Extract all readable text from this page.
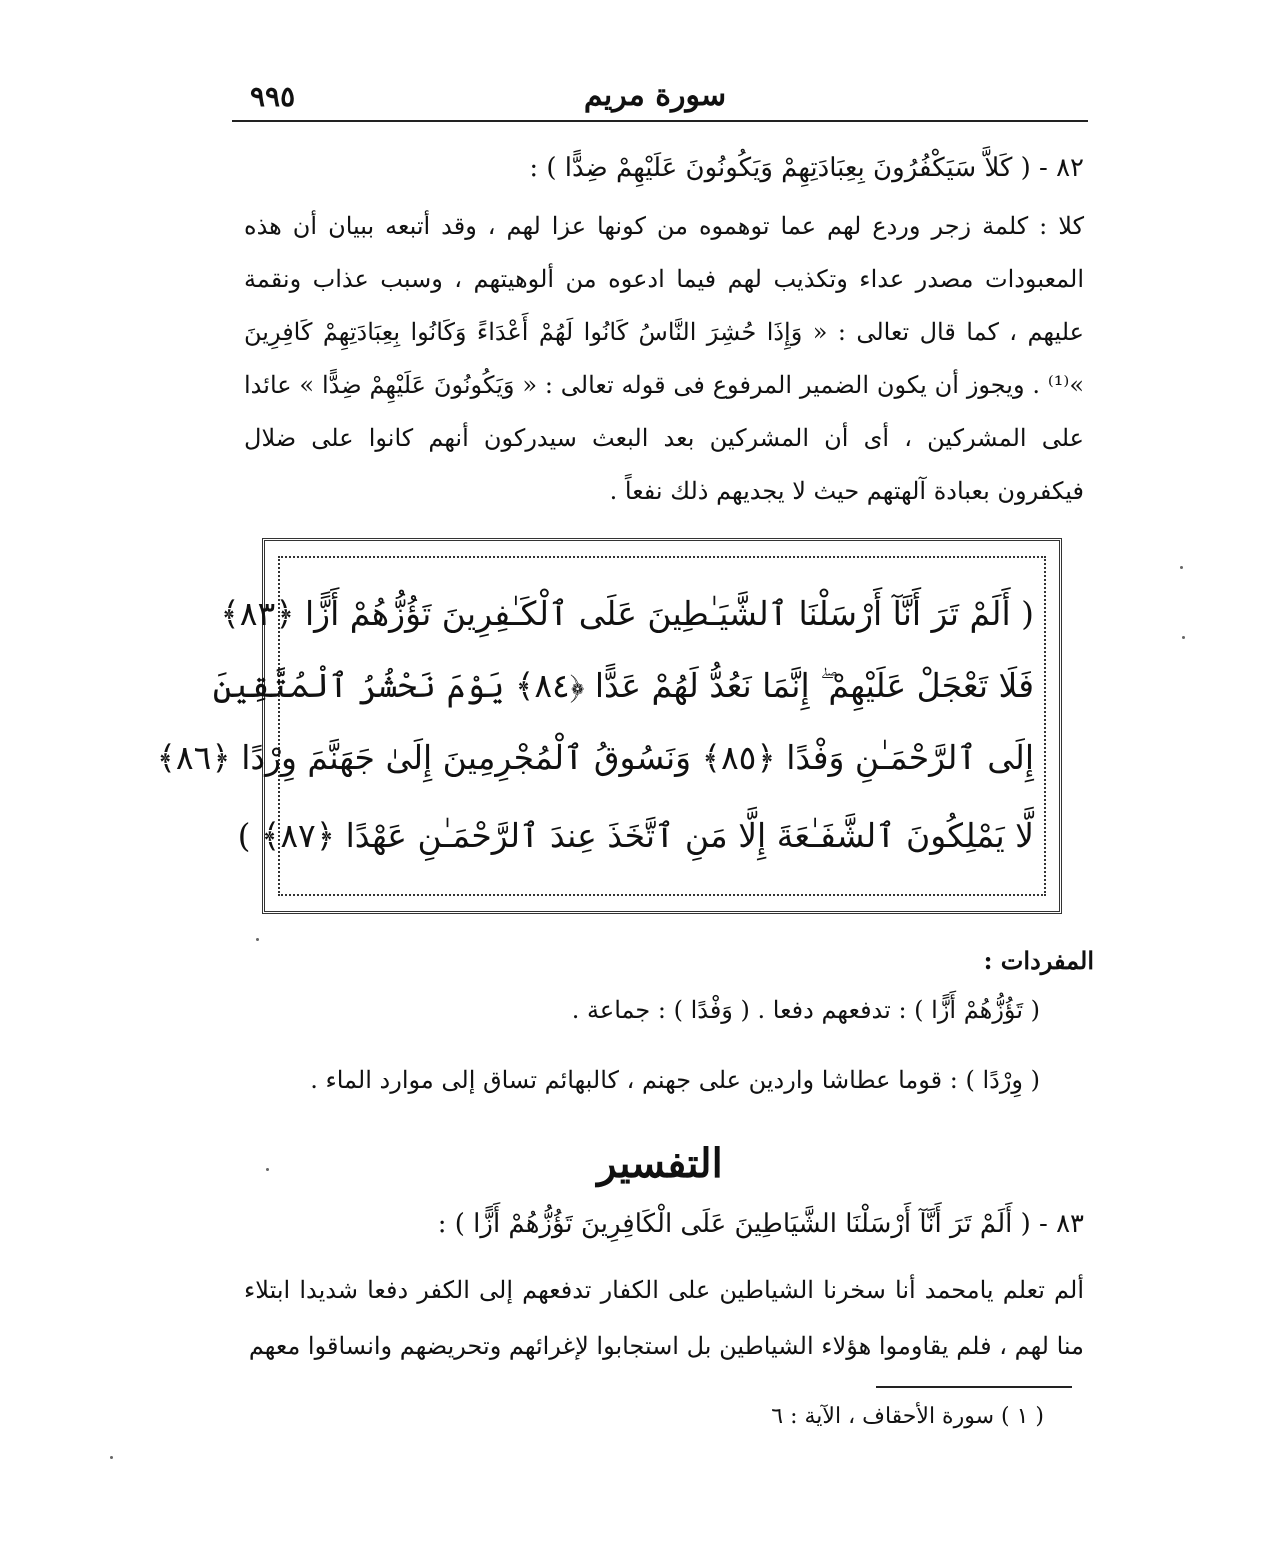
سورة مريم
٩٩٥
٨٢ - ( كَلاَّ سَيَكْفُرُونَ بِعِبَادَتِهِمْ وَيَكُونُونَ عَلَيْهِمْ ضِدًّا ) :
كلا : كلمة زجر وردع لهم عما توهموه من كونها عزا لهم ، وقد أتبعه ببيان أن هذه المعبودات مصدر عداء وتكذيب لهم فيما ادعوه من ألوهيتهم ، وسبب عذاب ونقمة عليهم ، كما قال تعالى : « وَإِذَا حُشِرَ النَّاسُ كَانُوا لَهُمْ أَعْدَاءً وَكَانُوا بِعِبَادَتِهِمْ كَافِرِينَ »⁽¹⁾ . ويجوز أن يكون الضمير المرفوع فى قوله تعالى : « وَيَكُونُونَ عَلَيْهِمْ ضِدًّا » عائدا على المشركين ، أى أن المشركين بعد البعث سيدركون أنهم كانوا على ضلال فيكفرون بعبادة آلهتهم حيث لا يجديهم ذلك نفعاً .
( أَلَمْ تَرَ أَنَّآ أَرْسَلْنَا ٱلشَّيَـٰطِينَ عَلَى ٱلْكَـٰفِرِينَ تَؤُزُّهُمْ أَزًّا ﴿٨٣﴾
فَلَا تَعْجَلْ عَلَيْهِمْ ۖ إِنَّمَا نَعُدُّ لَهُمْ عَدًّا ﴿٨٤﴾ يَوْمَ نَحْشُرُ ٱلْمُتَّقِينَ
إِلَى ٱلرَّحْمَـٰنِ وَفْدًا ﴿٨٥﴾ وَنَسُوقُ ٱلْمُجْرِمِينَ إِلَىٰ جَهَنَّمَ وِرْدًا ﴿٨٦﴾
لَّا يَمْلِكُونَ ٱلشَّفَـٰعَةَ إِلَّا مَنِ ٱتَّخَذَ عِندَ ٱلرَّحْمَـٰنِ عَهْدًا ﴿٨٧﴾ )
المفردات :
( تَؤُزُّهُمْ أَزًّا ) : تدفعهم دفعا . ( وَفْدًا ) : جماعة .
( وِرْدًا ) : قوما عطاشا واردين على جهنم ، كالبهائم تساق إلى موارد الماء .
التفسير
٨٣ - ( أَلَمْ تَرَ أَنَّآ أَرْسَلْنَا الشَّيَاطِينَ عَلَى الْكَافِرِينَ تَؤُزُّهُمْ أَزًّا ) :
ألم تعلم يامحمد أنا سخرنا الشياطين على الكفار تدفعهم إلى الكفر دفعا شديدا ابتلاء منا لهم ، فلم يقاوموا هؤلاء الشياطين بل استجابوا لإغرائهم وتحريضهم وانساقوا معهم
( ١ ) سورة الأحقاف ، الآية : ٦
